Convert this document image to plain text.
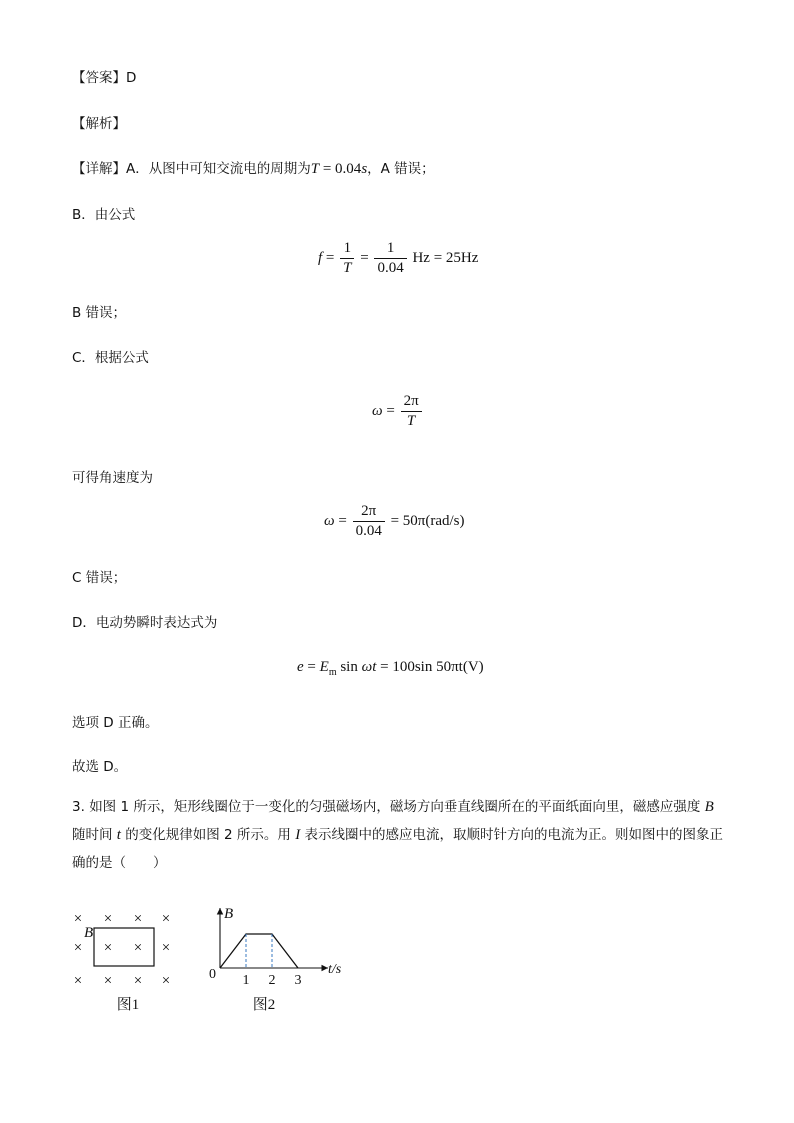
【答案】D
【解析】
【详解】A．从图中可知交流电的周期为T = 0.04s，A 错误；
B．由公式
$f = \frac{1}{T} = \frac{1}{0.04}$ Hz = 25Hz
B 错误；
C．根据公式
$\omega = \frac{2\pi}{T}$
可得角速度为
$\omega = \frac{2\pi}{0.04} = 50\pi(rad/s)$
C 错误；
D．电动势瞬时表达式为
$e = E_m$ sin ωt = 100sin 50πt(V)
选项 D 正确。
故选 D。
3. 如图 1 所示，矩形线圈位于一变化的匀强磁场内，磁场方向垂直线圈所在的平面纸面向里，磁感应强度 B
随时间 t 的变化规律如图 2 所示。用 I 表示线圈中的感应电流，取顺时针方向的电流为正。则如图中的图象正确的是（　　）
× × × ×
× × × ×
× × × ×
B
图1
B
t/s
0 1 2 3
图2
